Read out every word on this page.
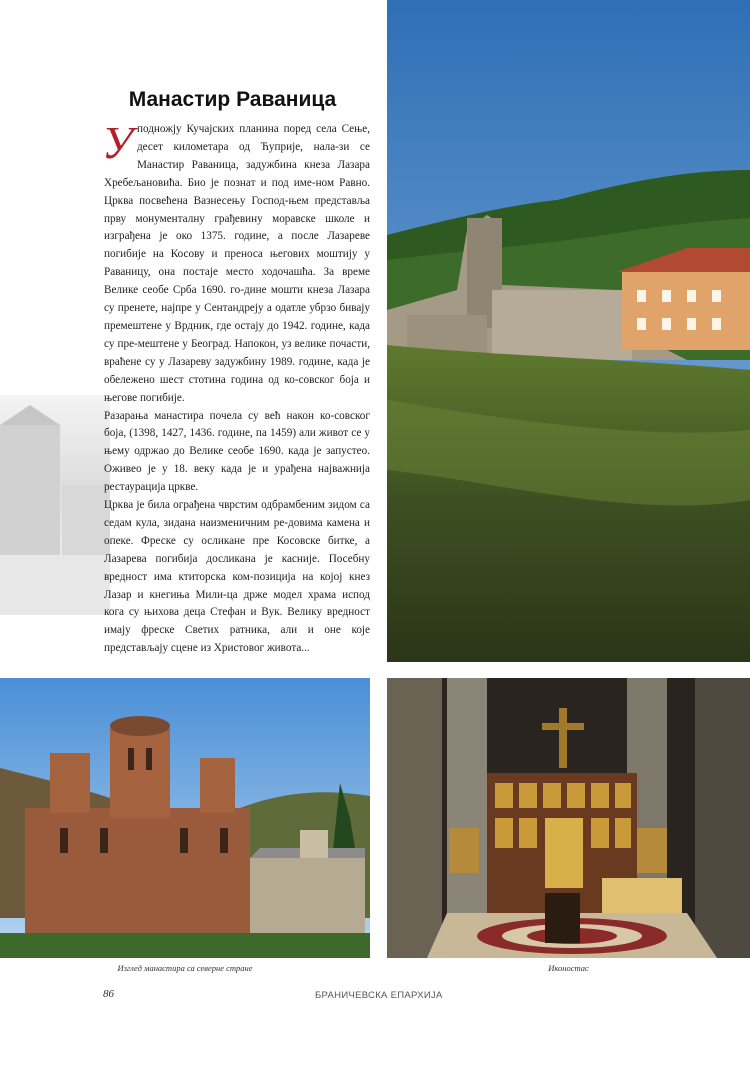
Манастир Раваница

Уподножју Кучајских планина поред села Сење, десет километара од Ћуприје, нала-зи се Манастир Раваница, задужбина кнеза Лазара Хребељановића. Био је познат и под име-ном Равно. Црква посвећена Вазнесењу Господ-њем представља прву монументалну грађевину моравске школе и изграђена је око 1375. године, а после Лазареве погибије на Косову и преноса његових моштију у Раваницу, она постаје место ходочашћа. За време Велике сеобе Срба 1690. го-дине мошти кнеза Лазара су пренете, најпре у Сентандреју а одатле убрзо бивају премештене у Врдник, где остају до 1942. године, када су пре-мештене у Београд. Напокон, уз велике почасти, враћене су у Лазареву задужбину 1989. године, када је обележено шест стотина година од ко-совског боја и његове погибије.

Разарања манастира почела су већ након ко-совског боја, (1398, 1427, 1436. године, па 1459) али живот се у њему одржао до Велике сеобе 1690. када је запустео. Оживео је у 18. веку када је и урађена најважнија рестаурација цркве.

Црква је била ограђена чврстим одбрамбеним зидом са седам кула, зидана наизменичним ре-довима камена и опеке. Фреске су осликане пре Косовске битке, а Лазарева погибија досликана је касније. Посебну вредност има ктиторска ком-позиција на којој кнез Лазар и кнегиња Мили-ца држе модел храма испод кога су њихова деца Стефан и Вук. Велику вредност имају фреске Светих ратника, али и оне које представљају сцене из Христовог живота...

Изглед манастира са северне стране	Иконостас
86	БРАНИЧЕВСКА ЕПАРХИЈА
